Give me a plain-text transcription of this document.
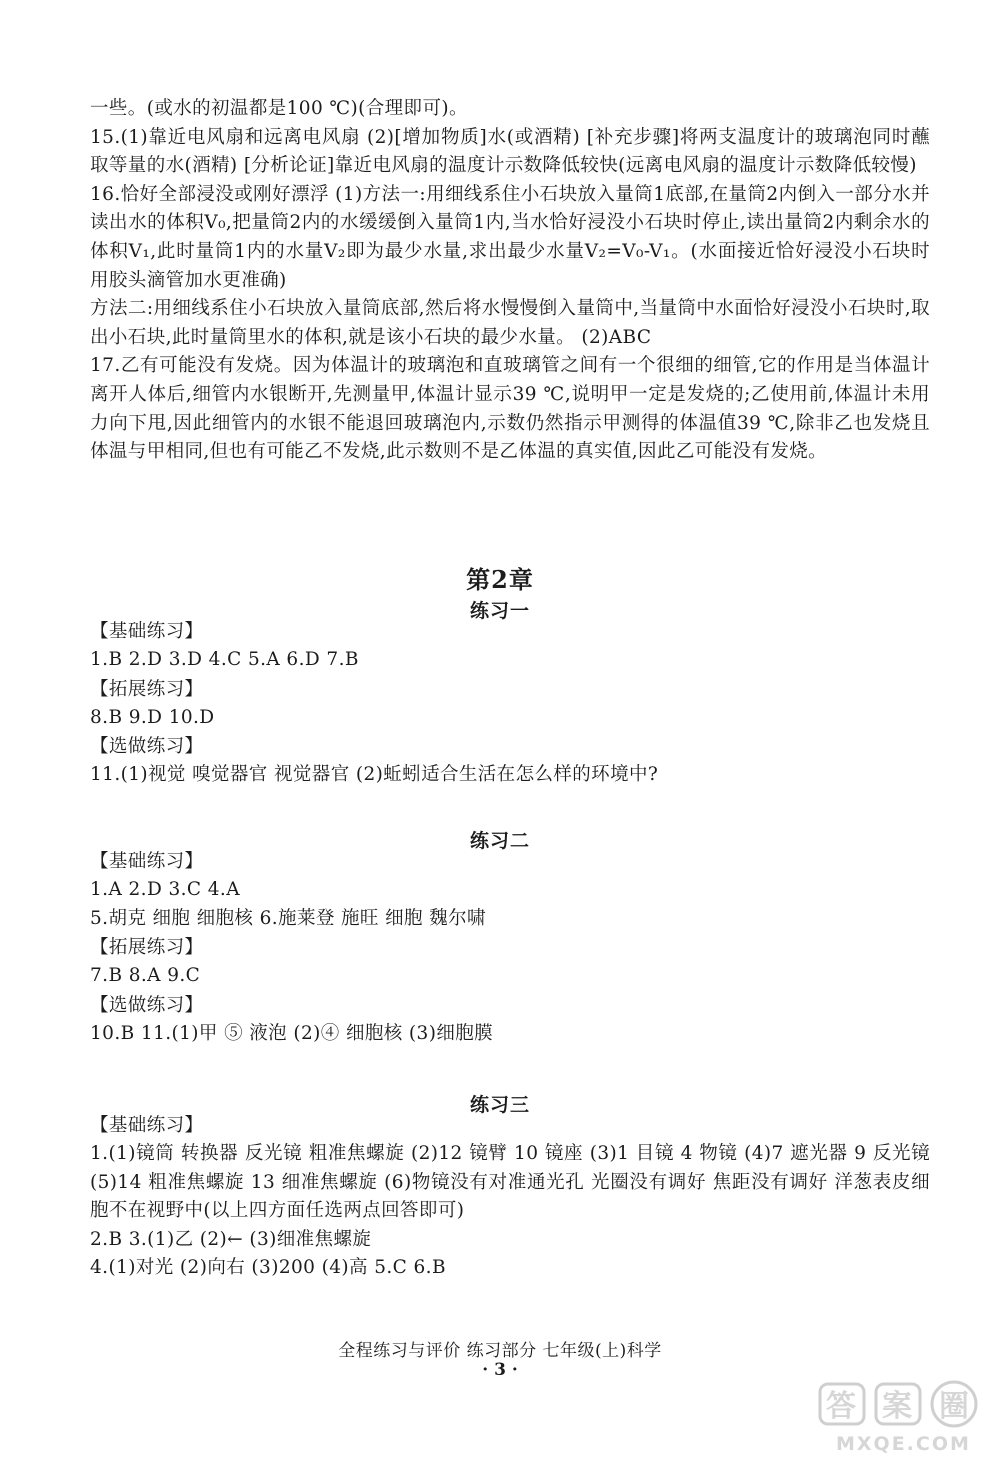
一些。(或水的初温都是100 ℃)(合理即可)。

15.(1)靠近电风扇和远离电风扇 (2)[增加物质]水(或酒精) [补充步骤]将两支温度计的玻璃泡同时蘸取等量的水(酒精) [分析论证]靠近电风扇的温度计示数降低较快(远离电风扇的温度计示数降低较慢)

16.恰好全部浸没或刚好漂浮 (1)方法一:用细线系住小石块放入量筒1底部,在量筒2内倒入一部分水并读出水的体积V₀,把量筒2内的水缓缓倒入量筒1内,当水恰好浸没小石块时停止,读出量筒2内剩余水的体积V₁,此时量筒1内的水量V₂即为最少水量,求出最少水量V₂=V₀-V₁。(水面接近恰好浸没小石块时用胶头滴管加水更准确)

方法二:用细线系住小石块放入量筒底部,然后将水慢慢倒入量筒中,当量筒中水面恰好浸没小石块时,取出小石块,此时量筒里水的体积,就是该小石块的最少水量。 (2)ABC

17.乙有可能没有发烧。因为体温计的玻璃泡和直玻璃管之间有一个很细的细管,它的作用是当体温计离开人体后,细管内水银断开,先测量甲,体温计显示39 ℃,说明甲一定是发烧的;乙使用前,体温计未用力向下甩,因此细管内的水银不能退回玻璃泡内,示数仍然指示甲测得的体温值39 ℃,除非乙也发烧且体温与甲相同,但也有可能乙不发烧,此示数则不是乙体温的真实值,因此乙可能没有发烧。

第2章
练习一

【基础练习】

1.B 2.D 3.D 4.C 5.A 6.D 7.B

【拓展练习】

8.B 9.D 10.D

【选做练习】

11.(1)视觉 嗅觉器官 视觉器官 (2)蚯蚓适合生活在怎么样的环境中?

练习二

【基础练习】

1.A 2.D 3.C 4.A

5.胡克 细胞 细胞核 6.施莱登 施旺 细胞 魏尔啸

【拓展练习】

7.B 8.A 9.C

【选做练习】

10.B 11.(1)甲 ⑤ 液泡 (2)④ 细胞核 (3)细胞膜

练习三

【基础练习】

1.(1)镜筒 转换器 反光镜 粗准焦螺旋 (2)12 镜臂 10 镜座 (3)1 目镜 4 物镜 (4)7 遮光器 9 反光镜 (5)14 粗准焦螺旋 13 细准焦螺旋 (6)物镜没有对准通光孔 光圈没有调好 焦距没有调好 洋葱表皮细胞不在视野中(以上四方面任选两点回答即可)

2.B 3.(1)乙 (2)← (3)细准焦螺旋

4.(1)对光 (2)向右 (3)200 (4)高 5.C 6.B

全程练习与评价 练习部分 七年级(上)科学
· 3 ·
答 案 圈
MXQE.COM
